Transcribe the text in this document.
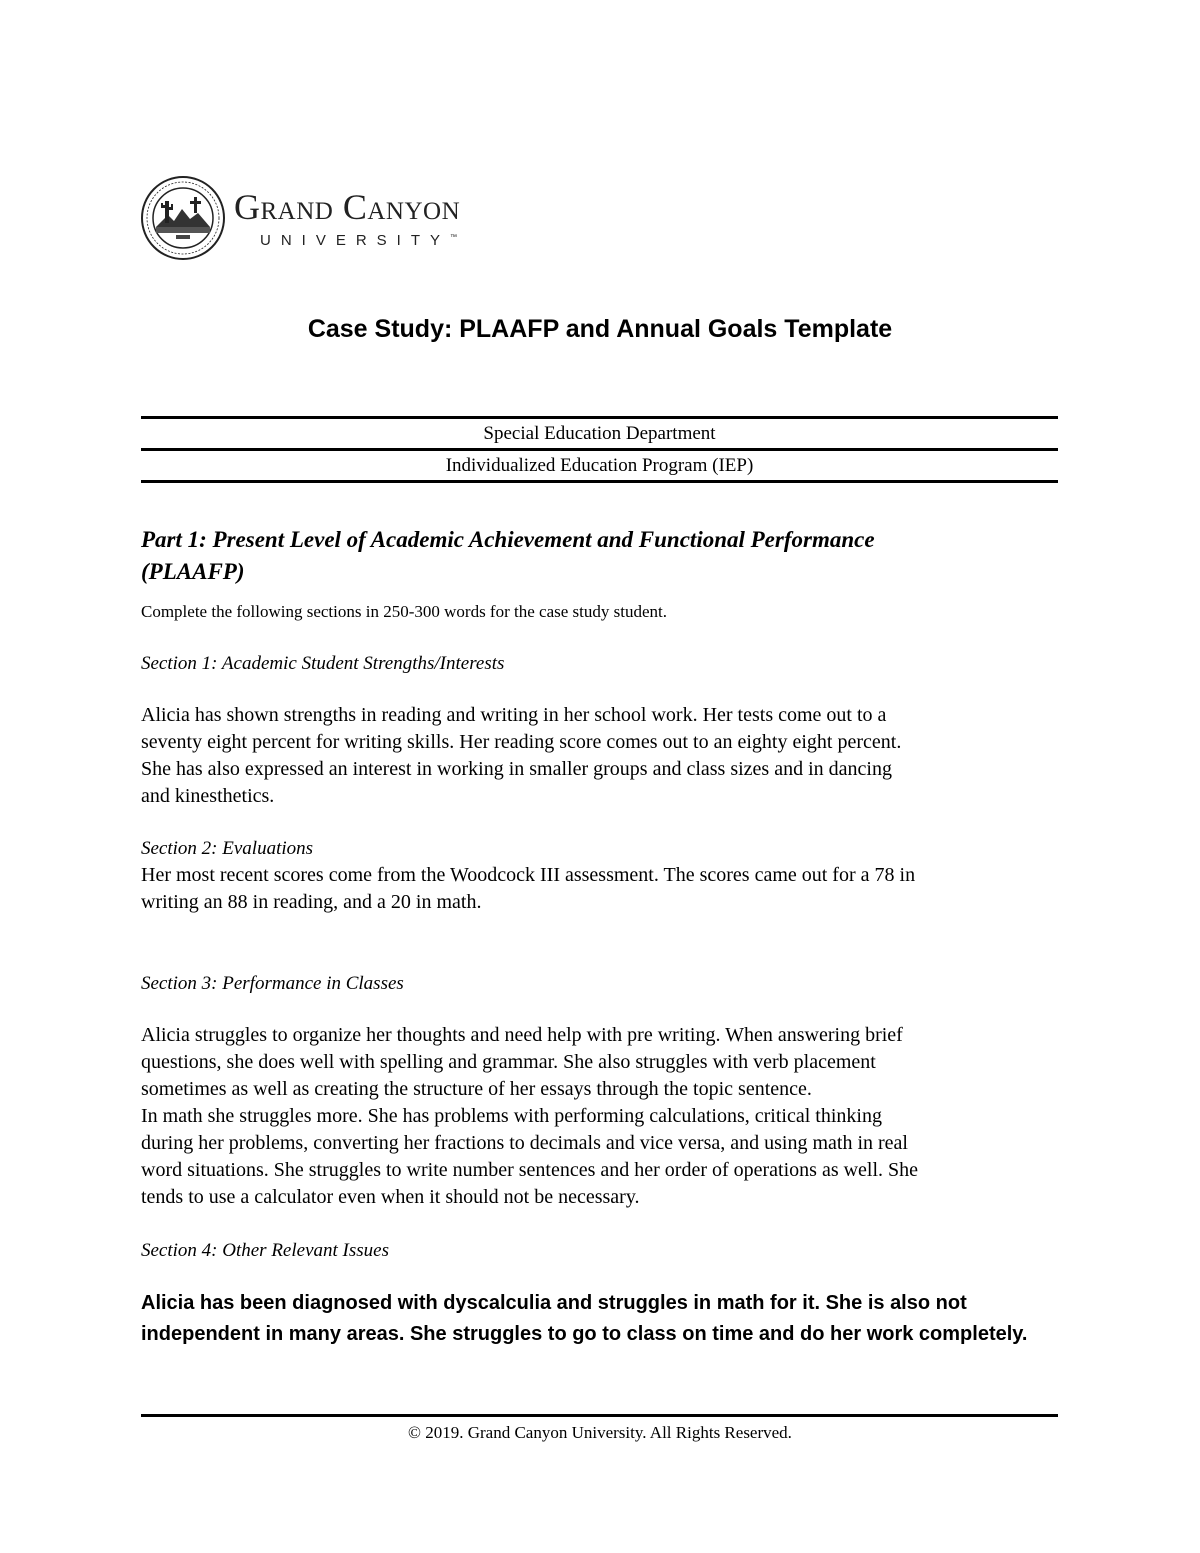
Grand Canyon
UNIVERSITY™
Case Study: PLAAFP and Annual Goals Template
Special Education Department
Individualized Education Program (IEP)
Part 1: Present Level of Academic Achievement and Functional Performance
(PLAAFP)
Complete the following sections in 250-300 words for the case study student.
Section 1: Academic Student Strengths/Interests
Alicia has shown strengths in reading and writing in her school work. Her tests come out to a
seventy eight percent for writing skills. Her reading score comes out to an eighty eight percent.
She has also expressed an interest in working in smaller groups and class sizes and in dancing
and kinesthetics.
Section 2: Evaluations
Her most recent scores come from the Woodcock III assessment. The scores came out for a 78 in
writing an 88 in reading, and a 20 in math.
Section 3: Performance in Classes
Alicia struggles to organize her thoughts and need help with pre writing. When answering brief
questions, she does well with spelling and grammar. She also struggles with verb placement
sometimes as well as creating the structure of her essays through the topic sentence.
In math she struggles more. She has problems with performing calculations, critical thinking
during her problems, converting her fractions to decimals and vice versa, and using math in real
word situations. She struggles to write number sentences and her order of operations as well. She
tends to use a calculator even when it should not be necessary.
Section 4: Other Relevant Issues
Alicia has been diagnosed with dyscalculia and struggles in math for it. She is also not
independent in many areas. She struggles to go to class on time and do her work completely.
© 2019. Grand Canyon University. All Rights Reserved.
